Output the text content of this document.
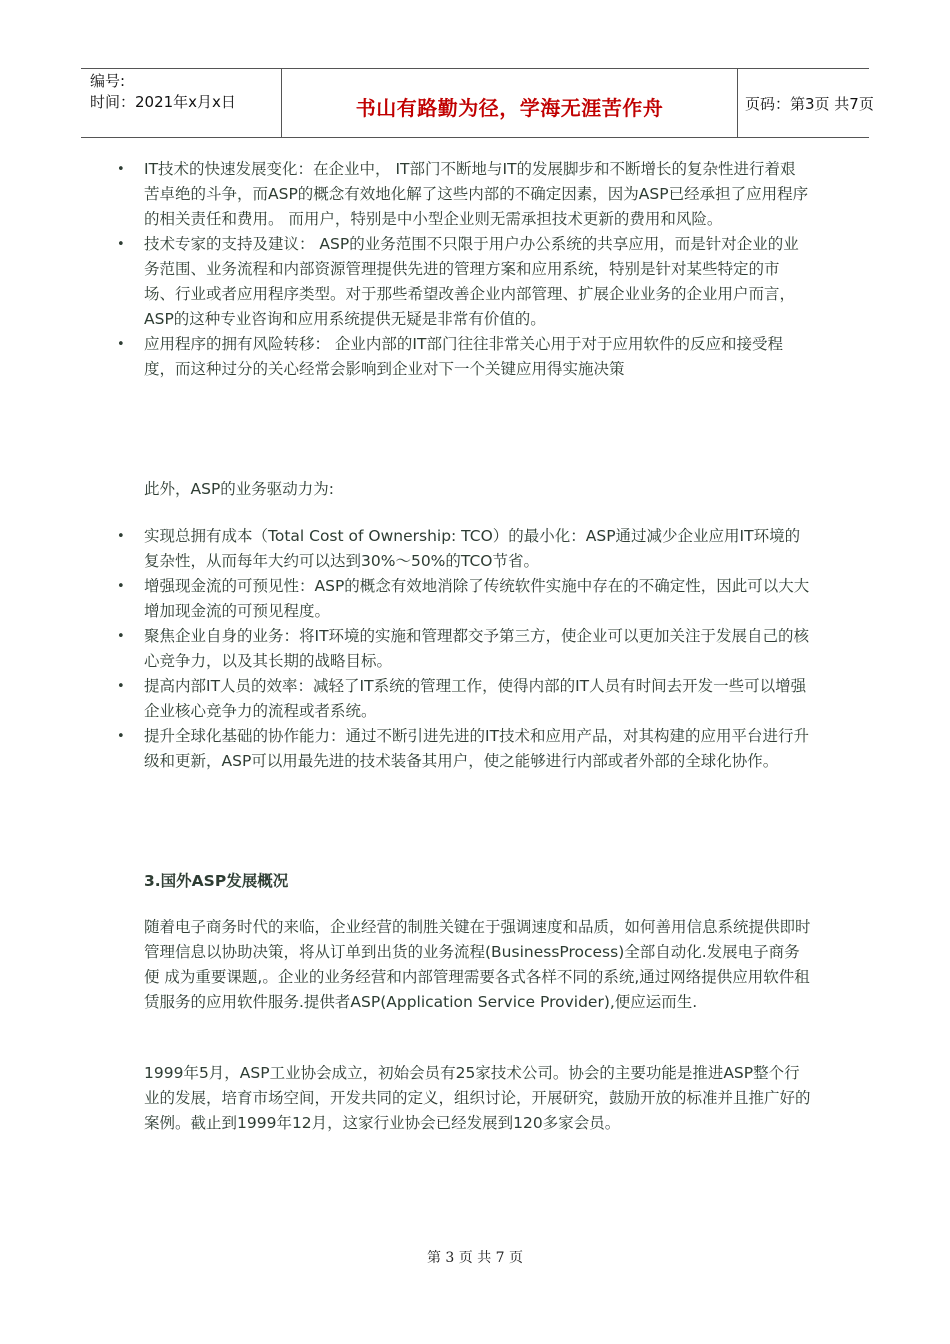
编号:
时间：2021年x月x日	书山有路勤为径，学海无涯苦作舟	页码：第3页 共7页
• IT技术的快速发展变化：在企业中， IT部门不断地与IT的发展脚步和不断增长的复杂性进行着艰苦卓绝的斗争，而ASP的概念有效地化解了这些内部的不确定因素，因为ASP已经承担了应用程序的相关责任和费用。 而用户，特别是中小型企业则无需承担技术更新的费用和风险。
• 技术专家的支持及建议： ASP的业务范围不只限于用户办公系统的共享应用，而是针对企业的业务范围、业务流程和内部资源管理提供先进的管理方案和应用系统，特别是针对某些特定的市场、行业或者应用程序类型。对于那些希望改善企业内部管理、扩展企业业务的企业用户而言，ASP的这种专业咨询和应用系统提供无疑是非常有价值的。
• 应用程序的拥有风险转移： 企业内部的IT部门往往非常关心用于对于应用软件的反应和接受程度，而这种过分的关心经常会影响到企业对下一个关键应用得实施决策

此外，ASP的业务驱动力为:

• 实现总拥有成本（Total Cost of Ownership: TCO）的最小化：ASP通过减少企业应用IT环境的复杂性，从而每年大约可以达到30%～50%的TCO节省。
• 增强现金流的可预见性：ASP的概念有效地消除了传统软件实施中存在的不确定性，因此可以大大增加现金流的可预见程度。
• 聚焦企业自身的业务：将IT环境的实施和管理都交予第三方，使企业可以更加关注于发展自己的核心竞争力，以及其长期的战略目标。
• 提高内部IT人员的效率：减轻了IT系统的管理工作，使得内部的IT人员有时间去开发一些可以增强企业核心竞争力的流程或者系统。
• 提升全球化基础的协作能力：通过不断引进先进的IT技术和应用产品，对其构建的应用平台进行升级和更新，ASP可以用最先进的技术装备其用户，使之能够进行内部或者外部的全球化协作。
3.国外ASP发展概况

随着电子商务时代的来临，企业经营的制胜关键在于强调速度和品质，如何善用信息系统提供即时管理信息以协助决策，将从订单到出货的业务流程(BusinessProcess)全部自动化.发展电子商务便 成为重要课题,。企业的业务经营和内部管理需要各式各样不同的系统,通过网络提供应用软件租赁服务的应用软件服务.提供者ASP(Application Service Provider),便应运而生.

1999年5月，ASP工业协会成立，初始会员有25家技术公司。协会的主要功能是推进ASP整个行业的发展，培育市场空间，开发共同的定义，组织讨论，开展研究，鼓励开放的标准并且推广好的案例。截止到1999年12月，这家行业协会已经发展到120多家会员。

第 3 页 共 7 页
